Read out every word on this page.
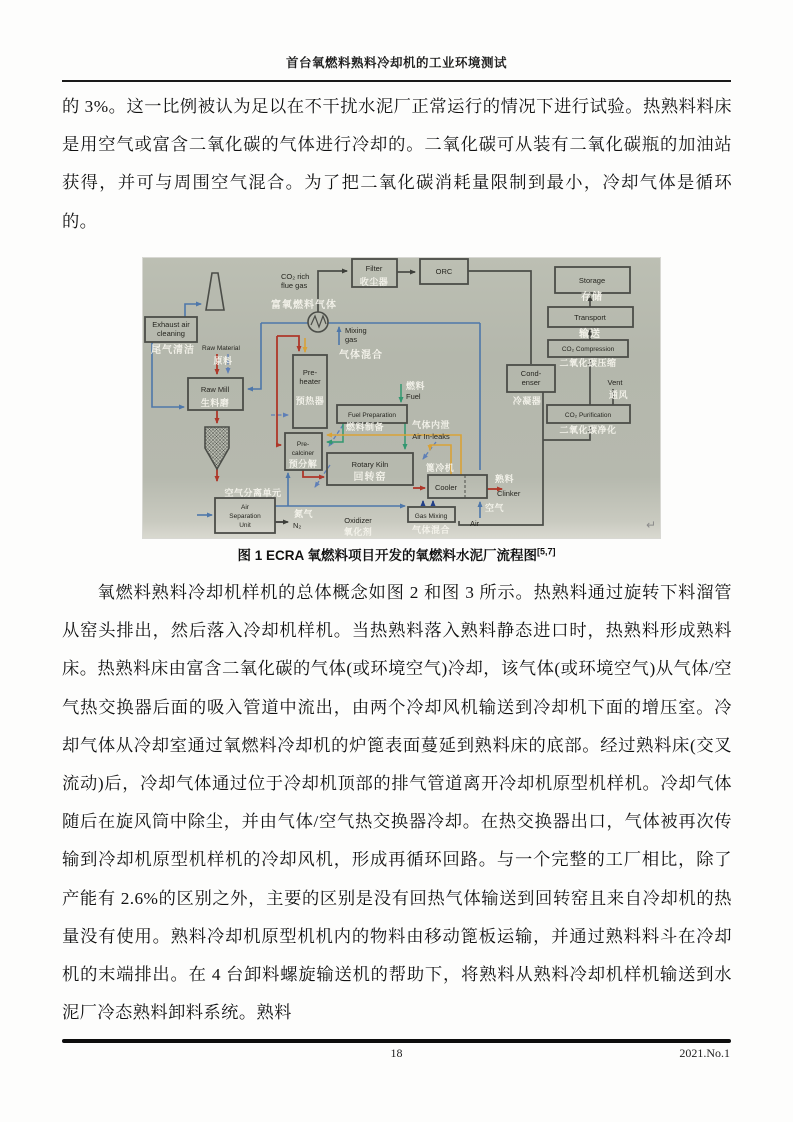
首台氧燃料熟料冷却机的工业环境测试

的 3%。这一比例被认为足以在不干扰水泥厂正常运行的情况下进行试验。热熟料料床是用空气或富含二氧化碳的气体进行冷却的。二氧化碳可从装有二氧化碳瓶的加油站获得，并可与周围空气混合。为了把二氧化碳消耗量限制到最小，冷却气体是循环的。

Exhaust air
cleaning
尾气清洁
Raw Mill
生料磨
Pre-
heater
预热器
Filter
收尘器
ORC
Storage
存储
Transport
输送
CO₂ Compression
二氧化碳压缩
Cond-
enser
冷凝器
CO₂ Purification
二氧化碳净化
Fuel Preparation
燃料制备
Pre-
calciner
预分解	Rotary Kiln
回转窑
Cooler
篦冷机
Gas Mixing
气体混合
Air
Separation
Unit
空气分离单元
CO₂ rich
flue gas
富氧燃料气体
Mixing
gas
气体混合
Raw Material
原料
燃料
Fuel
气体内泄
Air In-leaks
熟料
Clinker
空气
Air
氮气
N₂
Oxidizer
氧化剂
Vent
通风
↵
图 1 ECRA 氧燃料项目开发的氧燃料水泥厂流程图[5,7]

氧燃料熟料冷却机样机的总体概念如图 2 和图 3 所示。热熟料通过旋转下料溜管从窑头排出，然后落入冷却机样机。当热熟料落入熟料静态进口时，热熟料形成熟料床。热熟料床由富含二氧化碳的气体(或环境空气)冷却，该气体(或环境空气)从气体/空气热交换器后面的吸入管道中流出，由两个冷却风机输送到冷却机下面的增压室。冷却气体从冷却室通过氧燃料冷却机的炉篦表面蔓延到熟料床的底部。经过熟料床(交叉流动)后，冷却气体通过位于冷却机顶部的排气管道离开冷却机原型机样机。冷却气体随后在旋风筒中除尘，并由气体/空气热交换器冷却。在热交换器出口，气体被再次传输到冷却机原型机样机的冷却风机，形成再循环回路。与一个完整的工厂相比，除了产能有 2.6%的区别之外，主要的区别是没有回热气体输送到回转窑且来自冷却机的热量没有使用。熟料冷却机原型机机内的物料由移动篦板运输，并通过熟料料斗在冷却机的末端排出。在 4 台卸料螺旋输送机的帮助下，将熟料从熟料冷却机样机输送到水泥厂冷态熟料卸料系统。熟料

18	2021.No.1
